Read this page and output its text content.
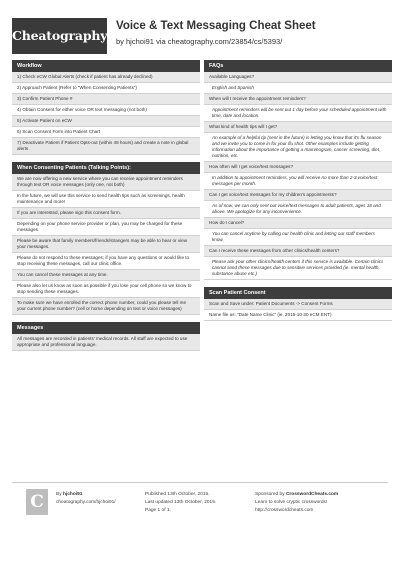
Cheatography
Voice & Text Messaging Cheat Sheet
by hjchoi91 via cheatography.com/23854/cs/5393/
Workflow
1) Check eCW Global Alerts (check if patient has already declined)
2) Approach Patient (Refer to "When Consenting Patients")
3) Confirm Patient Phone #
4) Obtain Consent for either voice OR text messaging (not both)
5) Activate Patient on eCW
6) Scan Consent Form into Patient Chart
7) Deactivate Patient if Patient Opts-out (within 48 hours) and create a note in global alerts
When Consenting Patients (Talking Points):
We are now offering a new service where you can receive appointment reminders through text OR voice messages (only one, not both)
In the future, we will use this service to send health tips such as screenings, health maintenance and more!
If you are interested, please sign this consent form.
Depending on your phone service provider or plan, you may be charged for these messages.
Please be aware that family members/friends/strangers may be able to hear or view your messages.
Please do not respond to these messages; if you have any questions or would like to stop receiving these messages, call our clinic office.
You can cancel these messages at any time.
Please also let us know as soon as possible if you lose your cell phone so we know to stop sending these messages.
To make sure we have enrolled the correct phone number, could you please tell me your current phone number? (cell or home depending on text or voice messages)
Messages
All messages are recorded in patients' medical records. All staff are expected to use appropriate and professional language.
FAQs
Available Languages?
English and Spanish
When will I receive the appointment reminders?
Appointment reminders will be sent out 1 day before your scheduled appointment with time, date and location.
What kind of health tips will I get?
An example of a helpful tip (sent in the future) is letting you know that it's flu season and we invite you to come in for your flu shot. Other examples include getting information about the importance of getting a mammogram, cancer screening, diet, nutrition, etc.
How often will I get voice/text messages?
In addition to appointment reminders, you will receive no more than 2-3 voice/text messages per month.
Can I get voice/text messages for my children's appointments?
As of now, we can only sent out voice/text messages to adult patients, ages 18 and above. We apologize for any inconvenience.
How do I cancel?
You can cancel anytime by calling our health clinic and letting our staff members know.
Can I receive these messages from other clinics/health centers?
Please ask your other clinics/health centers if this service is available. Certain clinics cannot send these messages due to sensitive services provided (ie. mental health, substance abuse etc.)
Scan Patient Consent
Scan and Save under: Patient Documents -> Consent Forms
Name file as: "Date Name Clinic" (ie. 2015-10-30 eCM ENT)
C	By hjchoi91
cheatography.com/hjchoi91/
Published 13th October, 2015.
Last updated 13th October, 2015.
Page 1 of 1.
Sponsored by CrosswordCheats.com
Learn to solve cryptic crosswords!
http://crosswordcheats.com
